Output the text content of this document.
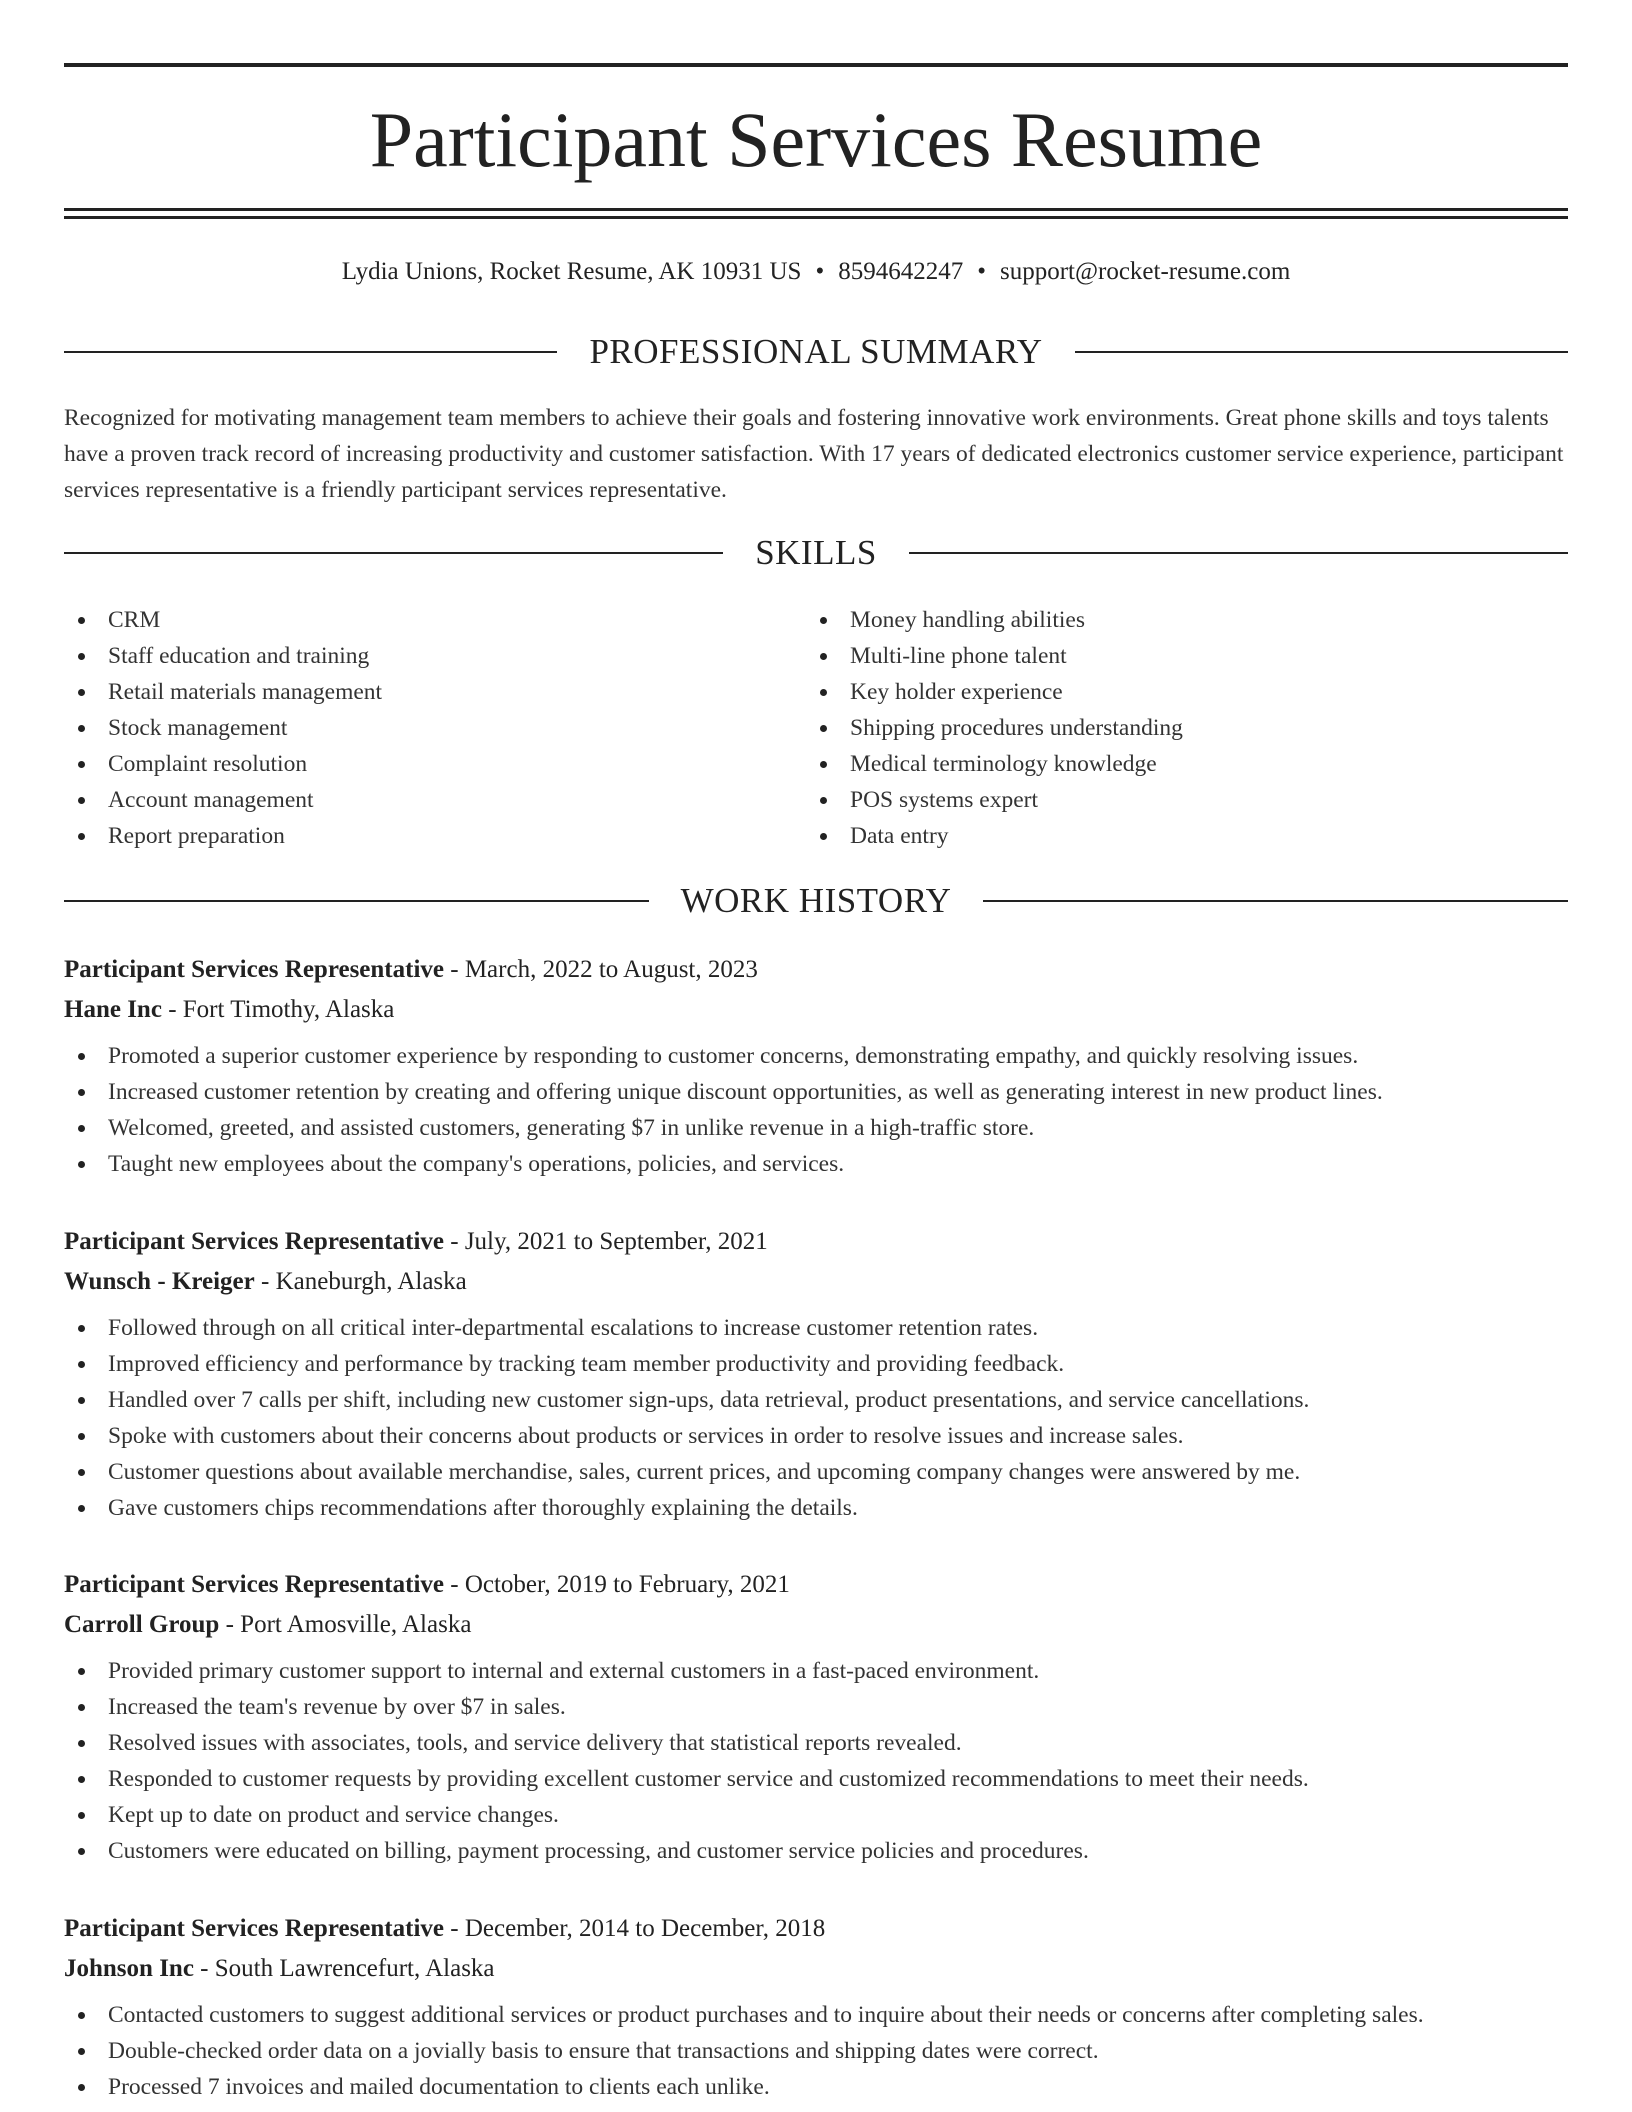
Participant Services Resume
Lydia Unions, Rocket Resume, AK 10931 US • 8594642247 • support@rocket-resume.com
PROFESSIONAL SUMMARY
Recognized for motivating management team members to achieve their goals and fostering innovative work environments. Great phone skills and toys talents have a proven track record of increasing productivity and customer satisfaction. With 17 years of dedicated electronics customer service experience, participant services representative is a friendly participant services representative.
SKILLS
CRM
Staff education and training
Retail materials management
Stock management
Complaint resolution
Account management
Report preparation
Money handling abilities
Multi-line phone talent
Key holder experience
Shipping procedures understanding
Medical terminology knowledge
POS systems expert
Data entry
WORK HISTORY
Participant Services Representative - March, 2022 to August, 2023
Hane Inc - Fort Timothy, Alaska
Promoted a superior customer experience by responding to customer concerns, demonstrating empathy, and quickly resolving issues.
Increased customer retention by creating and offering unique discount opportunities, as well as generating interest in new product lines.
Welcomed, greeted, and assisted customers, generating $7 in unlike revenue in a high-traffic store.
Taught new employees about the company's operations, policies, and services.
Participant Services Representative - July, 2021 to September, 2021
Wunsch - Kreiger - Kaneburgh, Alaska
Followed through on all critical inter-departmental escalations to increase customer retention rates.
Improved efficiency and performance by tracking team member productivity and providing feedback.
Handled over 7 calls per shift, including new customer sign-ups, data retrieval, product presentations, and service cancellations.
Spoke with customers about their concerns about products or services in order to resolve issues and increase sales.
Customer questions about available merchandise, sales, current prices, and upcoming company changes were answered by me.
Gave customers chips recommendations after thoroughly explaining the details.
Participant Services Representative - October, 2019 to February, 2021
Carroll Group - Port Amosville, Alaska
Provided primary customer support to internal and external customers in a fast-paced environment.
Increased the team's revenue by over $7 in sales.
Resolved issues with associates, tools, and service delivery that statistical reports revealed.
Responded to customer requests by providing excellent customer service and customized recommendations to meet their needs.
Kept up to date on product and service changes.
Customers were educated on billing, payment processing, and customer service policies and procedures.
Participant Services Representative - December, 2014 to December, 2018
Johnson Inc - South Lawrencefurt, Alaska
Contacted customers to suggest additional services or product purchases and to inquire about their needs or concerns after completing sales.
Double-checked order data on a jovially basis to ensure that transactions and shipping dates were correct.
Processed 7 invoices and mailed documentation to clients each unlike.
